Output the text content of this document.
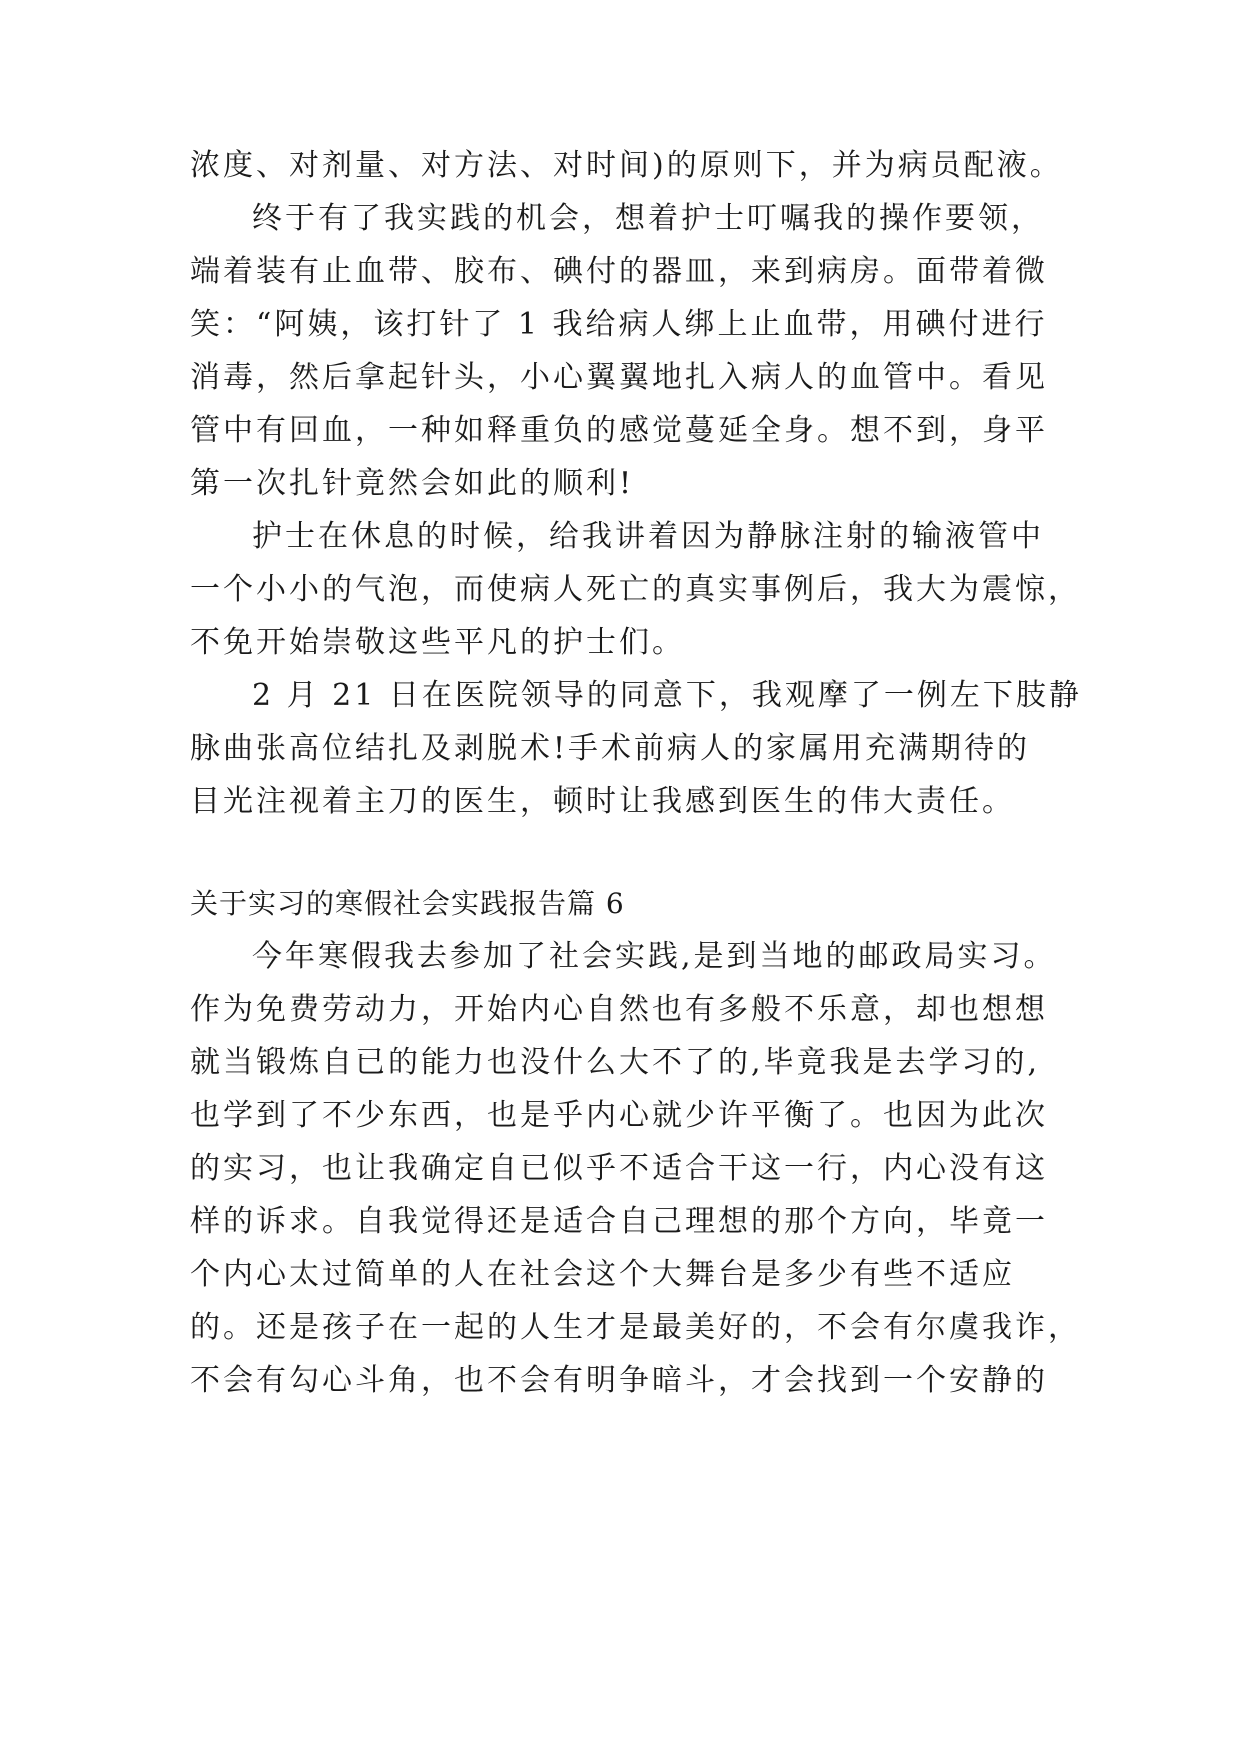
浓度、对剂量、对方法、对时间)的原则下，并为病员配液。
终于有了我实践的机会，想着护士叮嘱我的操作要领，
端着装有止血带、胶布、碘付的器皿，来到病房。面带着微
笑：“阿姨，该打针了 1 我给病人绑上止血带，用碘付进行
消毒，然后拿起针头，小心翼翼地扎入病人的血管中。看见
管中有回血，一种如释重负的感觉蔓延全身。想不到，身平
第一次扎针竟然会如此的顺利!
护士在休息的时候，给我讲着因为静脉注射的输液管中
一个小小的气泡，而使病人死亡的真实事例后，我大为震惊，
不免开始崇敬这些平凡的护士们。
2 月 21 日在医院领导的同意下，我观摩了一例左下肢静
脉曲张高位结扎及剥脱术!手术前病人的家属用充满期待的
目光注视着主刀的医生，顿时让我感到医生的伟大责任。
关于实习的寒假社会实践报告篇 6
今年寒假我去参加了社会实践,是到当地的邮政局实习。
作为免费劳动力，开始内心自然也有多般不乐意，却也想想
就当锻炼自已的能力也没什么大不了的,毕竟我是去学习的,
也学到了不少东西，也是乎内心就少许平衡了。也因为此次
的实习，也让我确定自已似乎不适合干这一行，内心没有这
样的诉求。自我觉得还是适合自己理想的那个方向，毕竟一
个内心太过简单的人在社会这个大舞台是多少有些不适应
的。还是孩子在一起的人生才是最美好的，不会有尔虞我诈，
不会有勾心斗角，也不会有明争暗斗，才会找到一个安静的
